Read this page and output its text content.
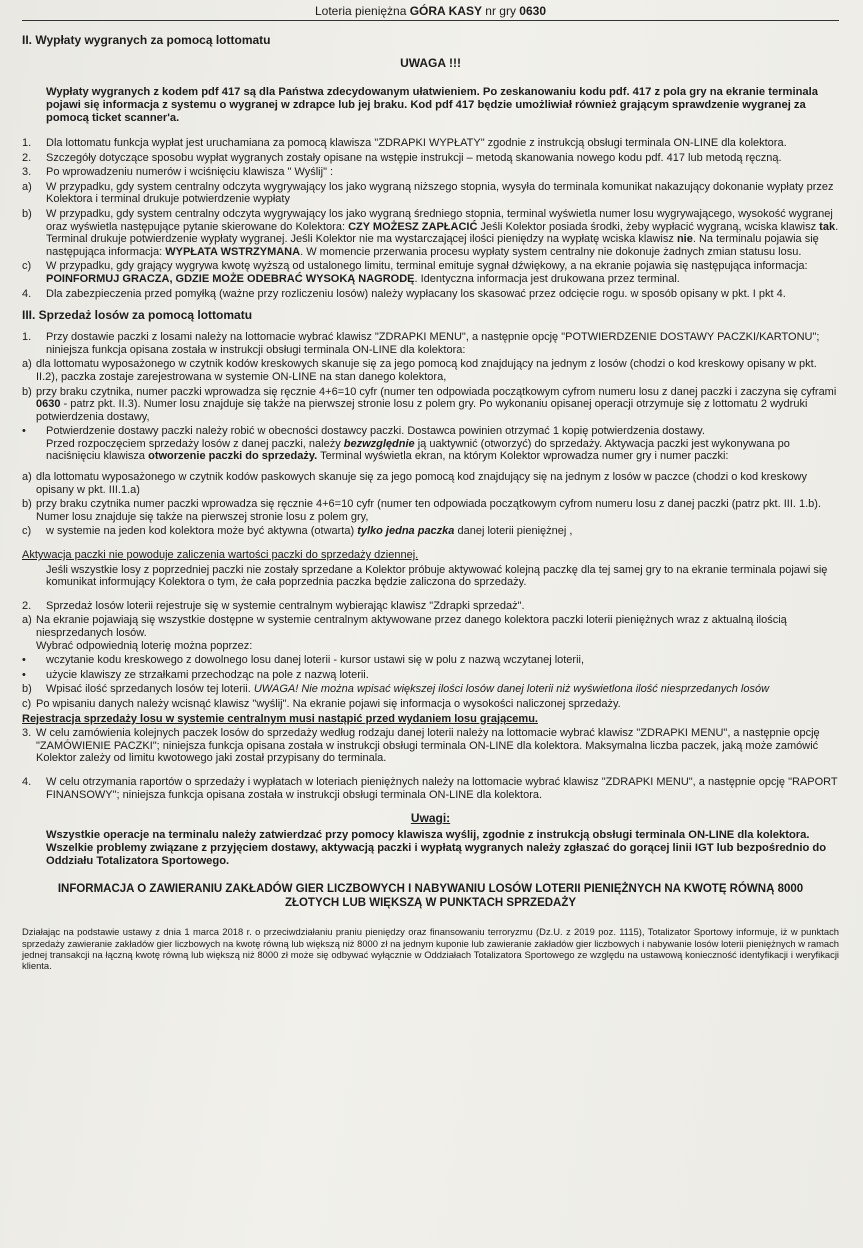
Loteria pieniężna GÓRA KASY nr gry 0630
II. Wypłaty wygranych za pomocą lottomatu
UWAGA !!!
Wypłaty wygranych z kodem pdf 417 są dla Państwa zdecydowanym ułatwieniem. Po zeskanowaniu kodu pdf. 417 z pola gry na ekranie terminala pojawi się informacja z systemu o wygranej w zdrapce lub jej braku. Kod pdf 417 będzie umożliwiał również grającym sprawdzenie wygranej za pomocą ticket scanner'a.
1.	Dla lottomatu funkcja wypłat jest uruchamiana za pomocą klawisza "ZDRAPKI WYPŁATY" zgodnie z instrukcją obsługi terminala ON-LINE dla kolektora.
2.	Szczegóły dotyczące sposobu wypłat wygranych zostały opisane na wstępie instrukcji – metodą skanowania nowego kodu pdf. 417 lub metodą ręczną.
3.	Po wprowadzeniu numerów i wciśnięciu klawisza " Wyślij" :
a)	W przypadku, gdy system centralny odczyta wygrywający los jako wygraną niższego stopnia, wysyła do terminala komunikat nakazujący dokonanie wypłaty przez Kolektora i terminal drukuje potwierdzenie wypłaty
b)	W przypadku, gdy system centralny odczyta wygrywający los jako wygraną średniego stopnia, terminal wyświetla numer losu wygrywającego, wysokość wygranej oraz wyświetla następujące pytanie skierowane do Kolektora: CZY MOŻESZ ZAPŁACIĆ Jeśli Kolektor posiada środki, żeby wypłacić wygraną, wciska klawisz tak. Terminal drukuje potwierdzenie wypłaty wygranej. Jeśli Kolektor nie ma wystarczającej ilości pieniędzy na wypłatę wciska klawisz nie. Na terminalu pojawia się następująca informacja: WYPŁATA WSTRZYMANA. W momencie przerwania procesu wypłaty system centralny nie dokonuje żadnych zmian statusu losu.
c)	W przypadku, gdy grający wygrywa kwotę wyższą od ustalonego limitu, terminal emituje sygnał dźwiękowy, a na ekranie pojawia się następująca informacja: POINFORMUJ GRACZA, GDZIE MOŻE ODEBRAĆ WYSOKĄ NAGRODĘ. Identyczna informacja jest drukowana przez terminal.
4.	Dla zabezpieczenia przed pomyłką (ważne przy rozliczeniu losów) należy wypłacany los skasować przez odcięcie rogu. w sposób opisany w pkt. I pkt 4.
III. Sprzedaż losów za pomocą lottomatu
1.	Przy dostawie paczki z losami należy na lottomacie wybrać klawisz "ZDRAPKI MENU", a następnie opcję "POTWIERDZENIE DOSTAWY PACZKI/KARTONU"; niniejsza funkcja opisana została w instrukcji obsługi terminala ON-LINE dla kolektora:
a) dla lottomatu wyposażonego w czytnik kodów kreskowych skanuje się za jego pomocą kod znajdujący na jednym z losów (chodzi o kod kreskowy opisany w pkt. II.2), paczka zostaje zarejestrowana w systemie ON-LINE na stan danego kolektora,
b) przy braku czytnika, numer paczki wprowadza się ręcznie 4+6=10 cyfr (numer ten odpowiada początkowym cyfrom numeru losu z danej paczki i zaczyna się cyframi 0630 - patrz pkt. II.3). Numer losu znajduje się także na pierwszej stronie losu z polem gry. Po wykonaniu opisanej operacji otrzymuje się z lottomatu 2 wydruki potwierdzenia dostawy,
•	Potwierdzenie dostawy paczki należy robić w obecności dostawcy paczki. Dostawca powinien otrzymać 1 kopię potwierdzenia dostawy.
Przed rozpoczęciem sprzedaży losów z danej paczki, należy bezwzględnie ją uaktywnić (otworzyć) do sprzedaży. Aktywacja paczki jest wykonywana po naciśnięciu klawisza otworzenie paczki do sprzedaży. Terminal wyświetla ekran, na którym Kolektor wprowadza numer gry i numer paczki:
a) dla lottomatu wyposażonego w czytnik kodów paskowych skanuje się za jego pomocą kod znajdujący się na jednym z losów w paczce (chodzi o kod kreskowy opisany w pkt. III.1.a)
b) przy braku czytnika numer paczki wprowadza się ręcznie 4+6=10 cyfr (numer ten odpowiada początkowym cyfrom numeru losu z danej paczki (patrz pkt. III. 1.b). Numer losu znajduje się także na pierwszej stronie losu z polem gry,
c)	w systemie na jeden kod kolektora może być aktywna (otwarta) tylko jedna paczka danej loterii pieniężnej ,
Aktywacja paczki nie powoduje zaliczenia wartości paczki do sprzedaży dziennej.
Jeśli wszystkie losy z poprzedniej paczki nie zostały sprzedane a Kolektor próbuje aktywować kolejną paczkę dla tej samej gry to na ekranie terminala pojawi się komunikat informujący Kolektora o tym, że cała poprzednia paczka będzie zaliczona do sprzedaży.
2.	Sprzedaż losów loterii rejestruje się w systemie centralnym wybierając klawisz "Zdrapki sprzedaż".
a) Na ekranie pojawiają się wszystkie dostępne w systemie centralnym aktywowane przez danego kolektora paczki loterii pieniężnych wraz z aktualną ilością niesprzedanych losów.
Wybrać odpowiednią loterię można poprzez:
•	wczytanie kodu kreskowego z dowolnego losu danej loterii - kursor ustawi się w polu z nazwą wczytanej loterii,
•	użycie klawiszy ze strzałkami przechodząc na pole z nazwą loterii.
b)	Wpisać ilość sprzedanych losów tej loterii. UWAGA! Nie można wpisać większej ilości losów danej loterii niż wyświetlona ilość niesprzedanych losów
c) Po wpisaniu danych należy wcisnąć klawisz "wyślij". Na ekranie pojawi się informacja o wysokości naliczonej sprzedaży.
Rejestracja sprzedaży losu w systemie centralnym musi nastąpić przed wydaniem losu grającemu.
3. W celu zamówienia kolejnych paczek losów do sprzedaży według rodzaju danej loterii należy na lottomacie wybrać klawisz "ZDRAPKI MENU", a następnie opcję "ZAMÓWIENIE PACZKI"; niniejsza funkcja opisana została w instrukcji obsługi terminala ON-LINE dla kolektora. Maksymalna liczba paczek, jaką może zamówić Kolektor zależy od limitu kwotowego jaki został przypisany do terminala.
4.	W celu otrzymania raportów o sprzedaży i wypłatach w loteriach pieniężnych należy na lottomacie wybrać klawisz "ZDRAPKI MENU", a następnie opcję "RAPORT FINANSOWY"; niniejsza funkcja opisana została w instrukcji obsługi terminala ON-LINE dla kolektora.
Uwagi:
Wszystkie operacje na terminalu należy zatwierdzać przy pomocy klawisza wyślij, zgodnie z instrukcją obsługi terminala ON-LINE dla kolektora. Wszelkie problemy związane z przyjęciem dostawy, aktywacją paczki i wypłatą wygranych należy zgłaszać do gorącej linii IGT lub bezpośrednio do Oddziału Totalizatora Sportowego.
INFORMACJA O ZAWIERANIU ZAKŁADÓW GIER LICZBOWYCH I NABYWANIU LOSÓW LOTERII PIENIĘŻNYCH NA KWOTĘ RÓWNĄ 8000 ZŁOTYCH LUB WIĘKSZĄ W PUNKTACH SPRZEDAŻY
Działając na podstawie ustawy z dnia 1 marca 2018 r. o przeciwdziałaniu praniu pieniędzy oraz finansowaniu terroryzmu (Dz.U. z 2019 poz. 1115), Totalizator Sportowy informuje, iż w punktach sprzedaży zawieranie zakładów gier liczbowych na kwotę równą lub większą niż 8000 zł na jednym kuponie lub zawieranie zakładów gier liczbowych i nabywanie losów loterii pieniężnych w ramach jednej transakcji na łączną kwotę równą lub większą niż 8000 zł może się odbywać wyłącznie w Oddziałach Totalizatora Sportowego ze względu na ustawową konieczność identyfikacji i weryfikacji klienta.
